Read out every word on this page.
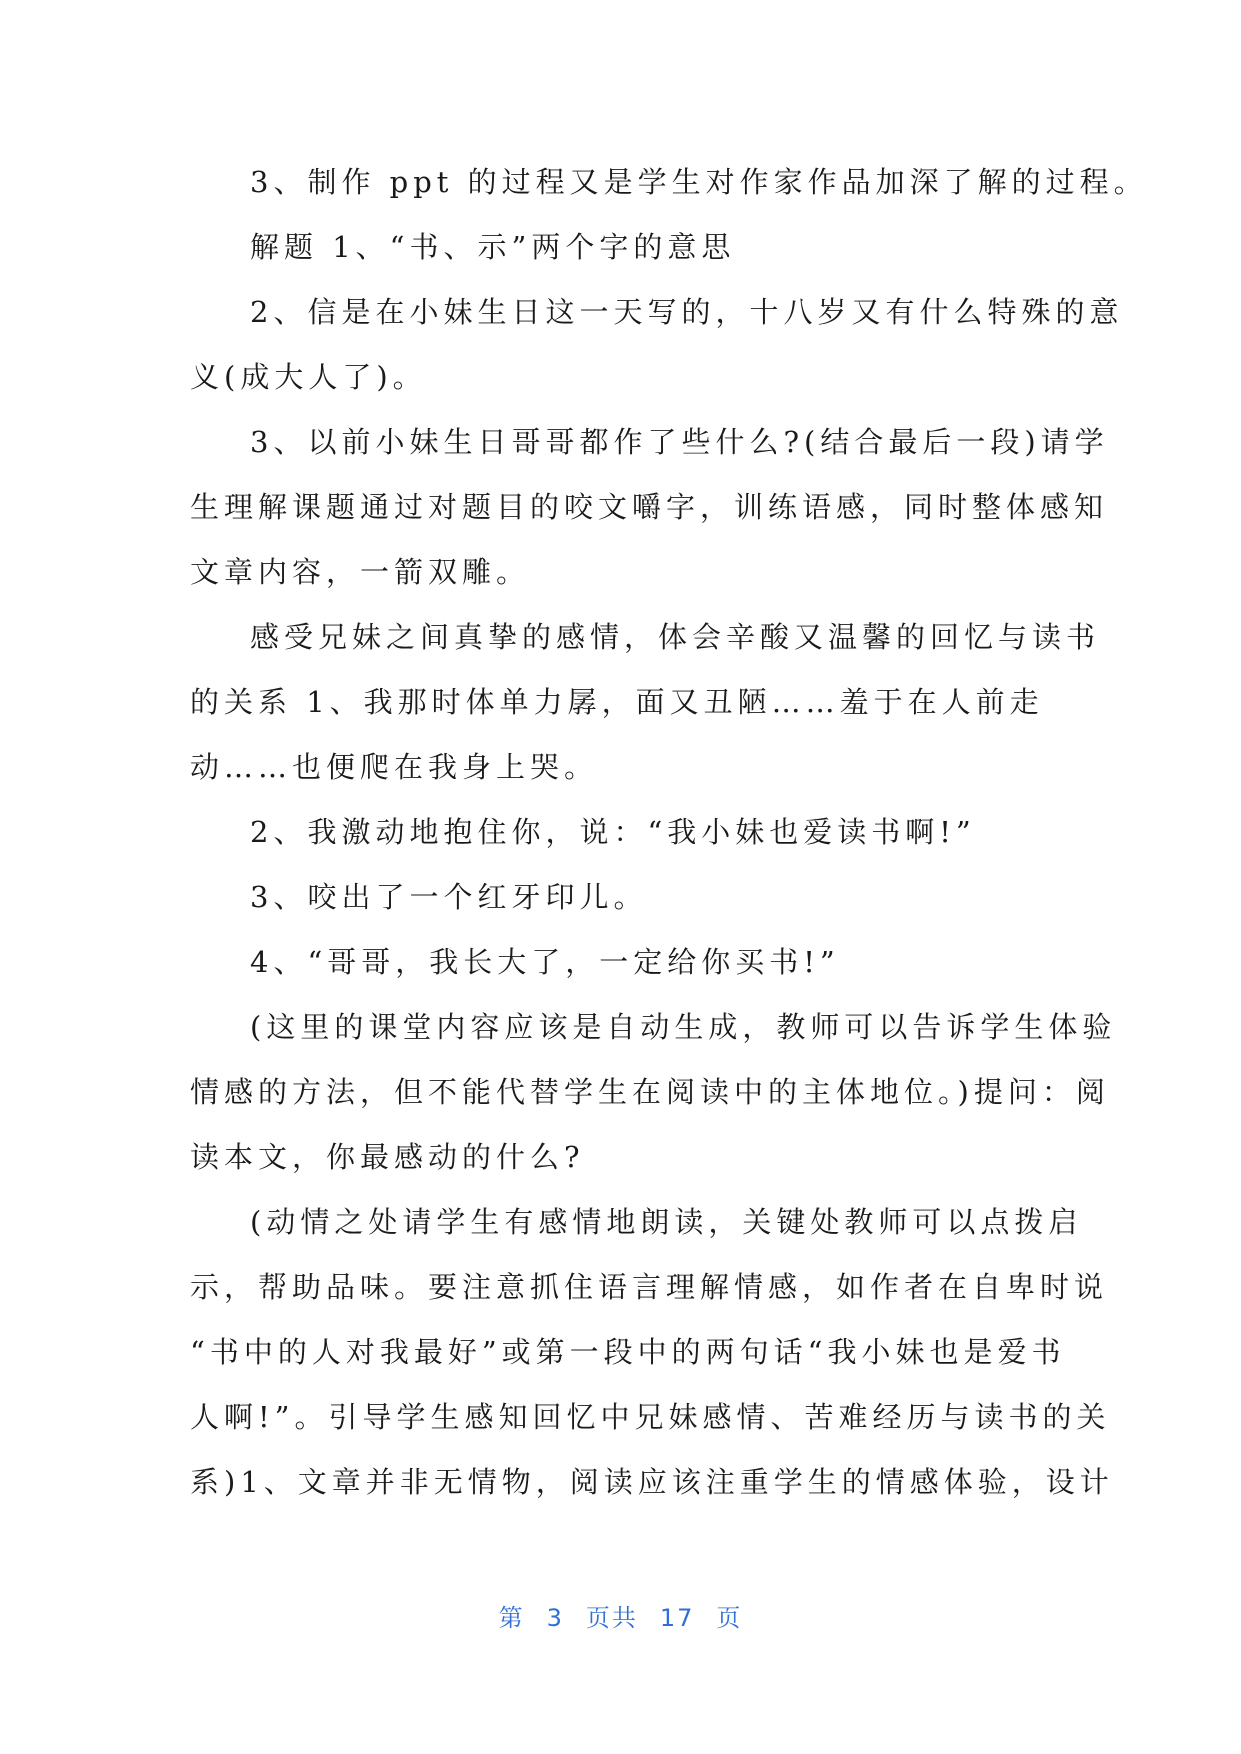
3、制作 ppt 的过程又是学生对作家作品加深了解的过程。
解题 1、“书、示”两个字的意思
2、信是在小妹生日这一天写的，十八岁又有什么特殊的意
义(成大人了)。
3、以前小妹生日哥哥都作了些什么?(结合最后一段)请学
生理解课题通过对题目的咬文嚼字，训练语感，同时整体感知
文章内容，一箭双雕。
感受兄妹之间真挚的感情，体会辛酸又温馨的回忆与读书
的关系 1、我那时体单力孱，面又丑陋……羞于在人前走
动……也便爬在我身上哭。
2、我激动地抱住你，说：“我小妹也爱读书啊!”
3、咬出了一个红牙印儿。
4、“哥哥，我长大了，一定给你买书!”
(这里的课堂内容应该是自动生成，教师可以告诉学生体验
情感的方法，但不能代替学生在阅读中的主体地位。)提问：阅
读本文，你最感动的什么?
(动情之处请学生有感情地朗读，关键处教师可以点拨启
示，帮助品味。要注意抓住语言理解情感，如作者在自卑时说
“书中的人对我最好”或第一段中的两句话“我小妹也是爱书
人啊!”。引导学生感知回忆中兄妹感情、苦难经历与读书的关
系)1、文章并非无情物，阅读应该注重学生的情感体验，设计
第 3 页共 17 页
